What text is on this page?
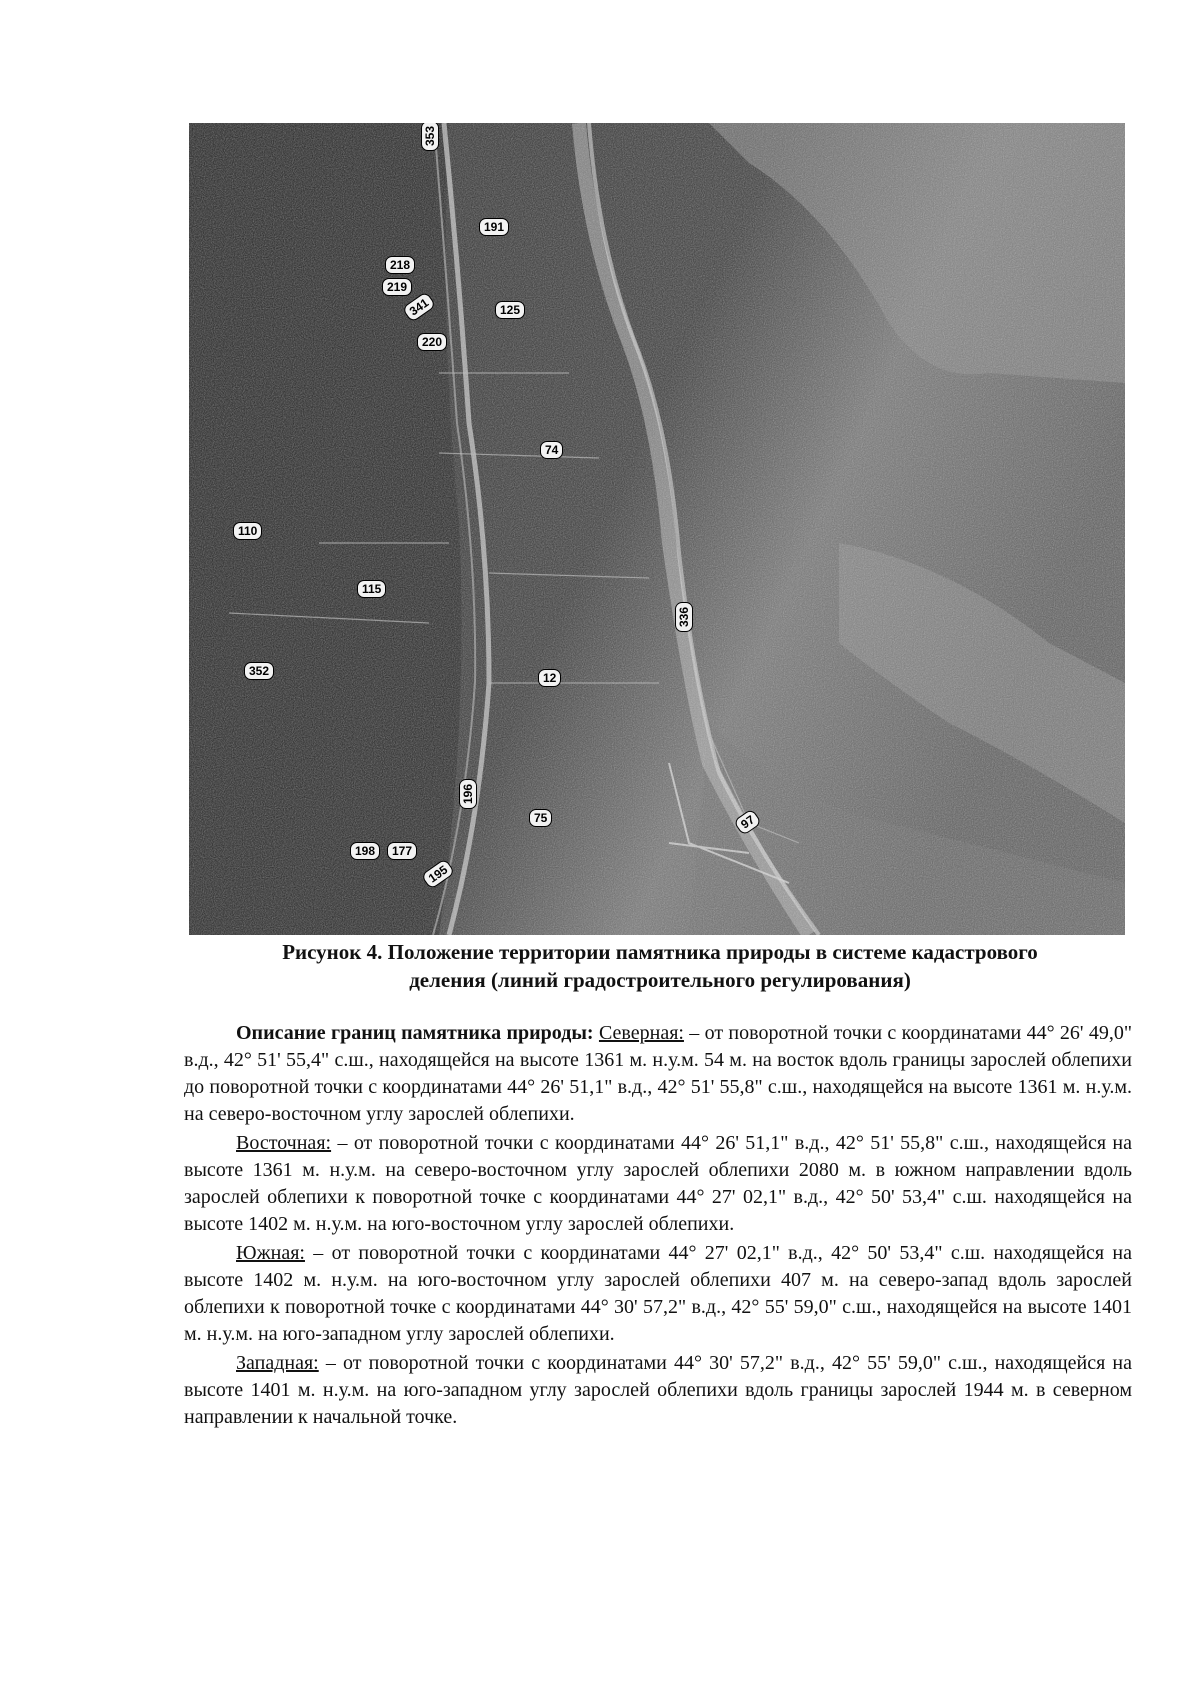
353
191
218
219
341	125
220
74
110
115
336
352	12
196
75	97
198	177
195
Рисунок 4. Положение территории памятника природы в системе кадастрового
деления (линий градостроительного регулирования)

Описание границ памятника природы: Северная: – от поворотной точки с координатами 44° 26' 49,0" в.д., 42° 51' 55,4" с.ш., находящейся на высоте 1361 м. н.у.м. 54 м. на восток вдоль границы зарослей облепихи до поворотной точки с координатами 44° 26' 51,1" в.д., 42° 51' 55,8" с.ш., находящейся на высоте 1361 м. н.у.м. на северо-восточном углу зарослей облепихи.

Восточная: – от поворотной точки с координатами 44° 26' 51,1" в.д., 42° 51' 55,8" с.ш., находящейся на высоте 1361 м. н.у.м. на северо-восточном углу зарослей облепихи 2080 м. в южном направлении вдоль зарослей облепихи к поворотной точке с координатами 44° 27' 02,1" в.д., 42° 50' 53,4" с.ш. находящейся на высоте 1402 м. н.у.м. на юго-восточном углу зарослей облепихи.

Южная: – от поворотной точки с координатами 44° 27' 02,1" в.д., 42° 50' 53,4" с.ш. находящейся на высоте 1402 м. н.у.м. на юго-восточном углу зарослей облепихи 407 м. на северо-запад вдоль зарослей облепихи к поворотной точке с координатами 44° 30' 57,2" в.д., 42° 55' 59,0" с.ш., находящейся на высоте 1401 м. н.у.м. на юго-западном углу зарослей облепихи.

Западная: – от поворотной точки с координатами 44° 30' 57,2" в.д., 42° 55' 59,0" с.ш., находящейся на высоте 1401 м. н.у.м. на юго-западном углу зарослей облепихи вдоль границы зарослей 1944 м. в северном направлении к начальной точке.
